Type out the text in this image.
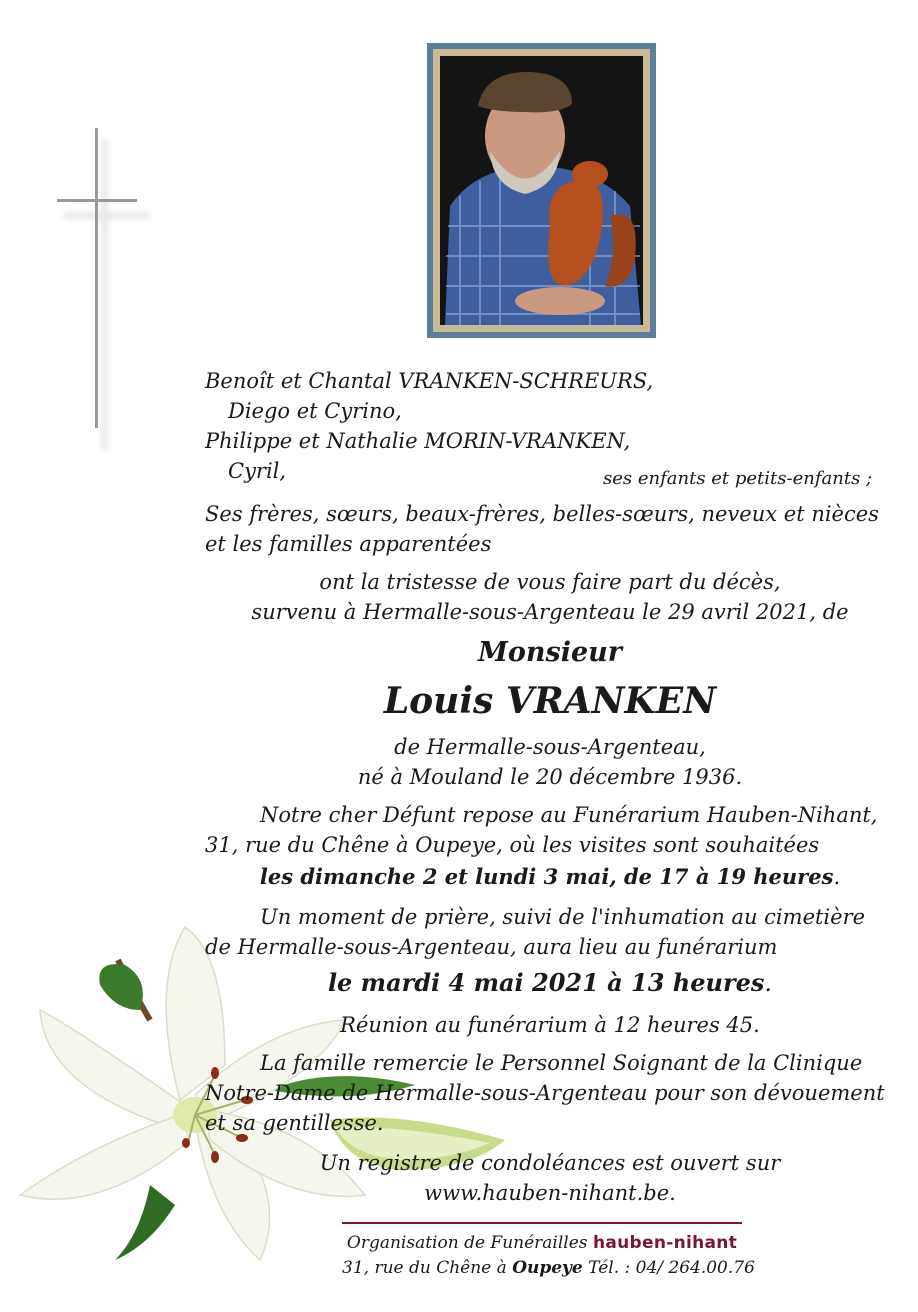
Benoît et Chantal VRANKEN-SCHREURS,
Diego et Cyrino,
Philippe et Nathalie MORIN-VRANKEN,
Cyril,	ses enfants et petits-enfants ;
Ses frères, sœurs, beaux-frères, belles-sœurs, neveux et nièces
et les familles apparentées
ont la tristesse de vous faire part du décès,
survenu à Hermalle-sous-Argenteau le 29 avril 2021, de
Monsieur
Louis VRANKEN
de Hermalle-sous-Argenteau,
né à Mouland le 20 décembre 1936.
Notre cher Défunt repose au Funérarium Hauben-Nihant,
31, rue du Chêne à Oupeye, où les visites sont souhaitées
les dimanche 2 et lundi 3 mai, de 17 à 19 heures.
Un moment de prière, suivi de l'inhumation au cimetière
de Hermalle-sous-Argenteau, aura lieu au funérarium
le mardi 4 mai 2021 à 13 heures.
Réunion au funérarium à 12 heures 45.
La famille remercie le Personnel Soignant de la Clinique
Notre-Dame de Hermalle-sous-Argenteau pour son dévouement
et sa gentillesse.
Un registre de condoléances est ouvert sur
www.hauben-nihant.be.
Organisation de Funérailles hauben-nihant
31, rue du Chêne à Oupeye Tél. : 04/ 264.00.76
